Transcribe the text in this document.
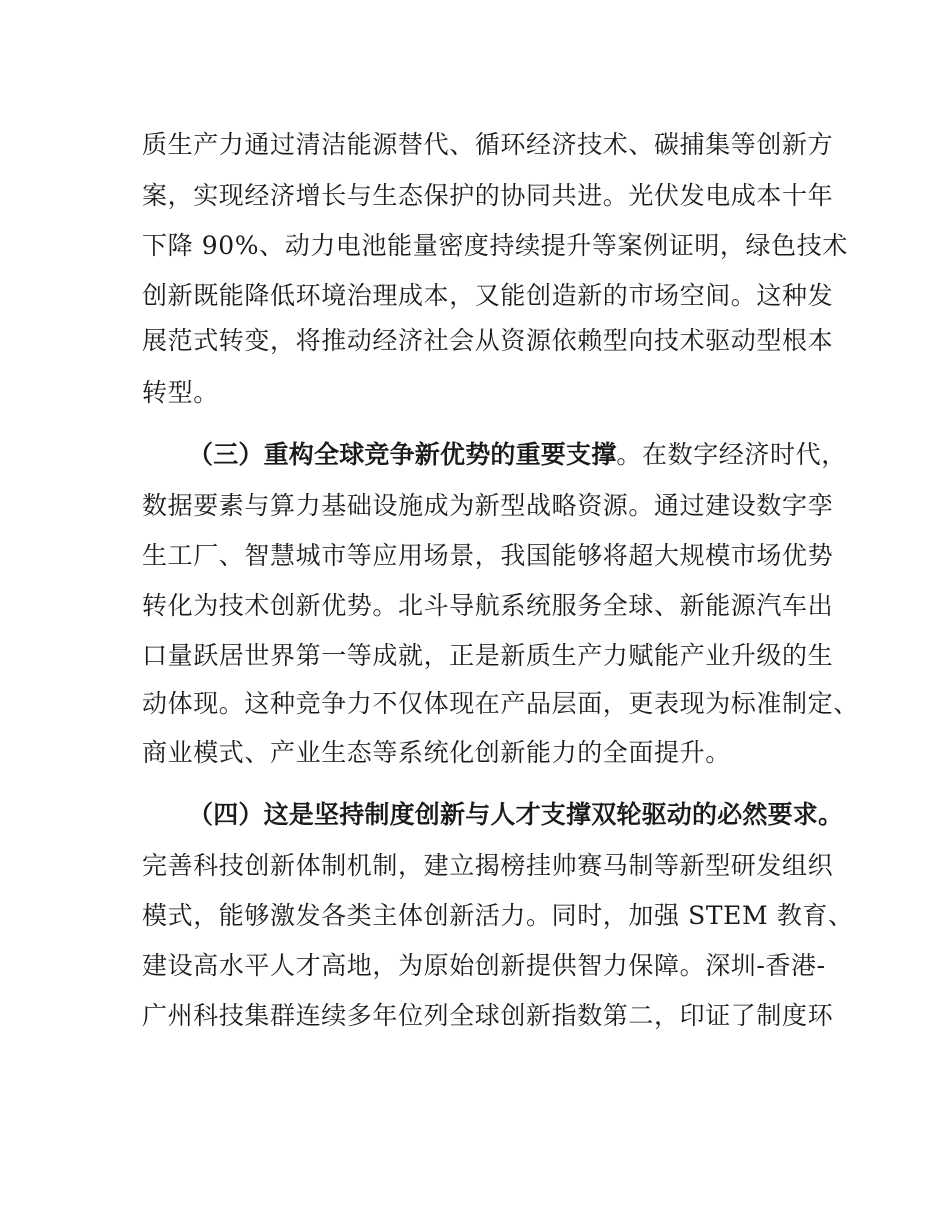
质生产力通过清洁能源替代、循环经济技术、碳捕集等创新方
案，实现经济增长与生态保护的协同共进。光伏发电成本十年
下降 90%、动力电池能量密度持续提升等案例证明，绿色技术
创新既能降低环境治理成本，又能创造新的市场空间。这种发
展范式转变，将推动经济社会从资源依赖型向技术驱动型根本
转型。
（三）重构全球竞争新优势的重要支撑。在数字经济时代，
数据要素与算力基础设施成为新型战略资源。通过建设数字孪
生工厂、智慧城市等应用场景，我国能够将超大规模市场优势
转化为技术创新优势。北斗导航系统服务全球、新能源汽车出
口量跃居世界第一等成就，正是新质生产力赋能产业升级的生
动体现。这种竞争力不仅体现在产品层面，更表现为标准制定、
商业模式、产业生态等系统化创新能力的全面提升。
（四）这是坚持制度创新与人才支撑双轮驱动的必然要求。
完善科技创新体制机制，建立揭榜挂帅赛马制等新型研发组织
模式，能够激发各类主体创新活力。同时，加强 STEM 教育、
建设高水平人才高地，为原始创新提供智力保障。深圳-香港-
广州科技集群连续多年位列全球创新指数第二，印证了制度环
